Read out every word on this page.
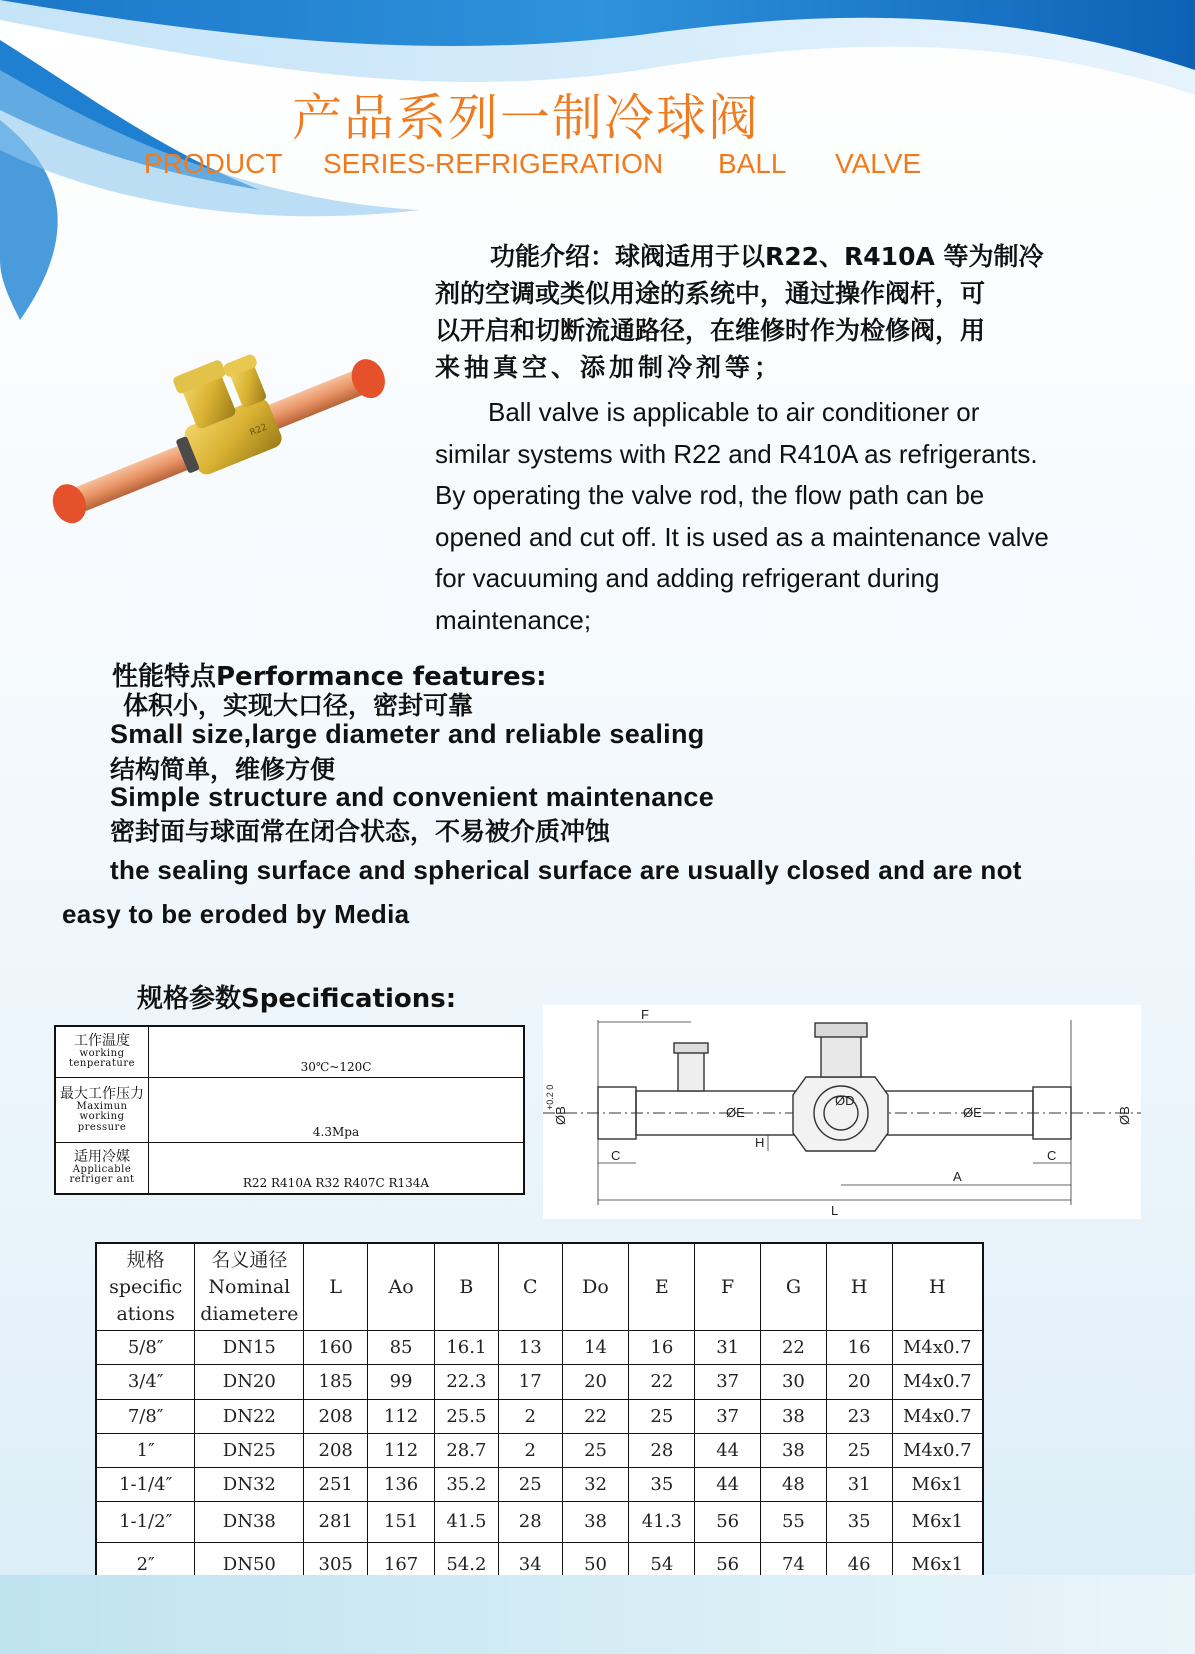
产品系列一制冷球阀
PRODUCT SERIES-REFRIGERATION BALL VALVE
R22
功能介绍：球阀适用于以R22、R410A 等为制冷
剂的空调或类似用途的系统中，通过操作阀杆，可
以开启和切断流通路径，在维修时作为检修阀，用
来抽真空、添加制冷剂等；
Ball valve is applicable to air conditioner or
similar systems with R22 and R410A as refrigerants.
By operating the valve rod, the flow path can be
opened and cut off. It is used as a maintenance valve
for vacuuming and adding refrigerant during
maintenance;
性能特点Performance features:
体积小，实现大口径，密封可靠
Small size,large diameter and reliable sealing
结构简单，维修方便
Simple structure and convenient maintenance
密封面与球面常在闭合状态，不易被介质冲蚀
the sealing surface and spherical surface are usually closed and are not
easy to be eroded by Media
规格参数Specifications:
工作温度
working
tenperature	30℃~120C

最大工作压力
Maximun working
pressure	4.3Mpa

适用冷媒
Applicable
refriger ant	R22 R410A R32 R407C R134A
F
A
L
C	C
H
ØE	ØE
ØD
ØB	ØB
+0.2 0
规格
specific
ations	名义通径
Nominal
diametere	L	Ao	B	C	Do	E	F	G	H	H
5/8″	DN15	160	85	16.1	13	14	16	31	22	16	M4x0.7
3/4″	DN20	185	99	22.3	17	20	22	37	30	20	M4x0.7
7/8″	DN22	208	112	25.5	2	22	25	37	38	23	M4x0.7
1″	DN25	208	112	28.7	2	25	28	44	38	25	M4x0.7
1-1/4″	DN32	251	136	35.2	25	32	35	44	48	31	M6x1
1-1/2″	DN38	281	151	41.5	28	38	41.3	56	55	35	M6x1
2″	DN50	305	167	54.2	34	50	54	56	74	46	M6x1
